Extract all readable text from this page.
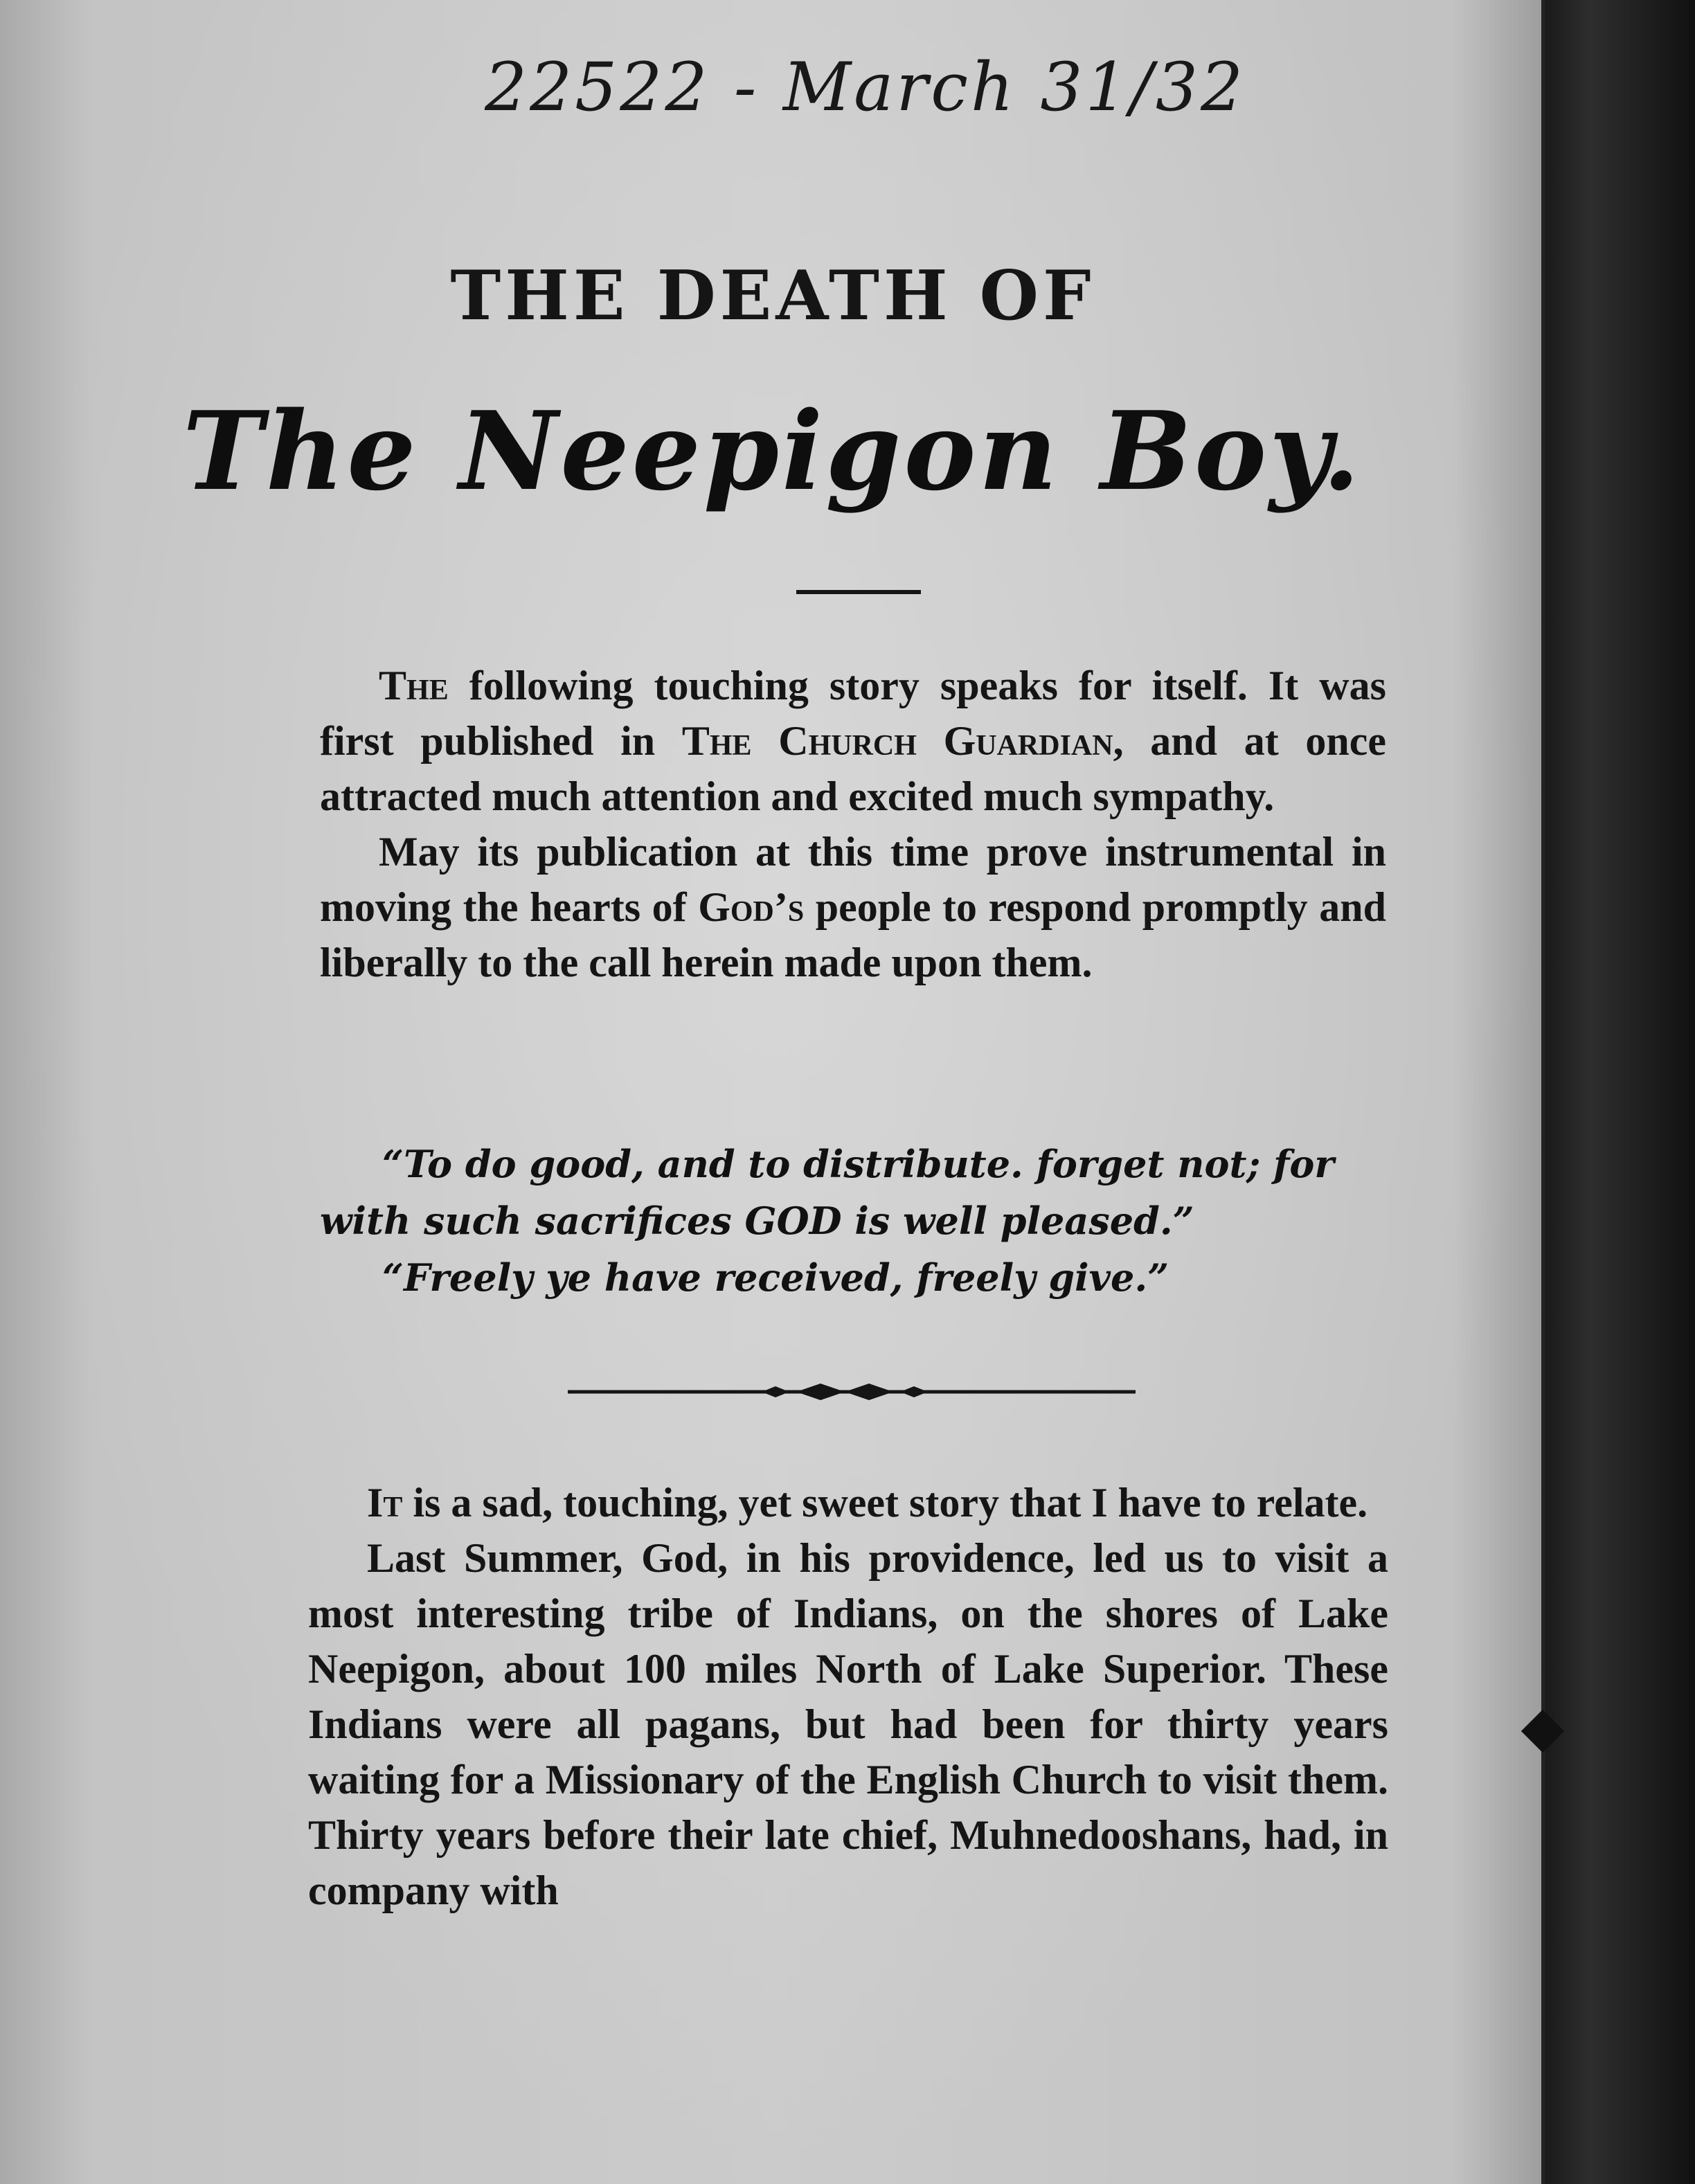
22522 - March 31/32
THE DEATH OF
The Neepigon Boy.

The following touching story speaks for itself. It was first published in The Church Guardian, and at once attracted much attention and excited much sympathy.

May its publication at this time prove instrumental in moving the hearts of God’s people to respond promptly and liberally to the call herein made upon them.

“To do good, and to distribute. forget not; for with such sacrifices GOD is well pleased.”

“Freely ye have received, freely give.”

It is a sad, touching, yet sweet story that I have to relate.

Last Summer, God, in his providence, led us to visit a most interesting tribe of Indians, on the shores of Lake Neepigon, about 100 miles North of Lake Superior. These Indians were all pagans, but had been for thirty years waiting for a Missionary of the English Church to visit them. Thirty years before their late chief, Muhnedooshans, had, in company with
